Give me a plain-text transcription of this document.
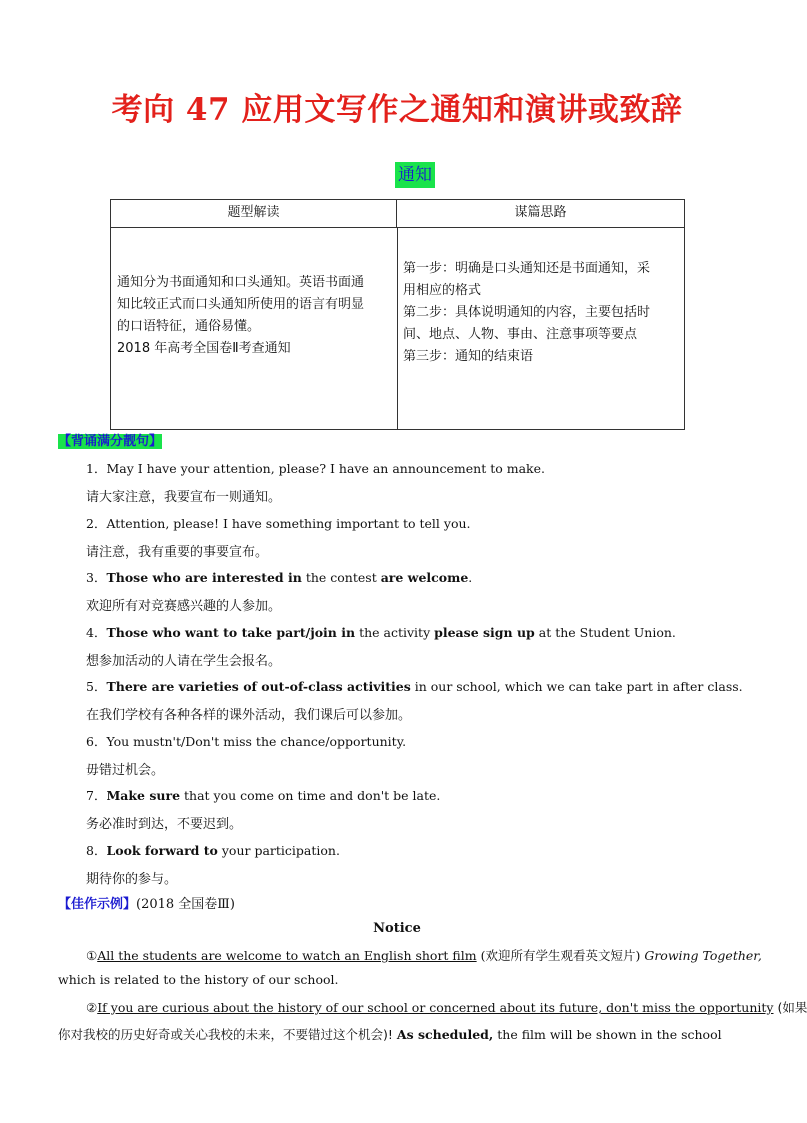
考向 47 应用文写作之通知和演讲或致辞
通知
题型解读	谋篇思路

通知分为书面通知和口头通知。英语书面通

知比较正式而口头通知所使用的语言有明显

的口语特征，通俗易懂。

2018 年高考全国卷Ⅱ考查通知

第一步：明确是口头通知还是书面通知，采

用相应的格式

第二步：具体说明通知的内容，主要包括时

间、地点、人物、事由、注意事项等要点

第三步：通知的结束语

【背诵满分靓句】
1．May I have your attention, please? I have an announcement to make.
请大家注意，我要宣布一则通知。
2．Attention, please! I have something important to tell you.
请注意，我有重要的事要宣布。
3．Those who are interested in the contest are welcome.
欢迎所有对竞赛感兴趣的人参加。
4．Those who want to take part/join in the activity please sign up at the Student Union.
想参加活动的人请在学生会报名。
5．There are varieties of out-of-class activities in our school, which we can take part in after class.
在我们学校有各种各样的课外活动，我们课后可以参加。
6．You mustn't/Don't miss the chance/opportunity.
毋错过机会。
7．Make sure that you come on time and don't be late.
务必准时到达，不要迟到。
8．Look forward to your participation.
期待你的参与。
【佳作示例】(2018 全国卷Ⅲ)
Notice
①All the students are welcome to watch an English short film (欢迎所有学生观看英文短片) Growing Together,
which is related to the history of our school.
②If you are curious about the history of our school or concerned about its future, don't miss the opportunity (如果
你对我校的历史好奇或关心我校的未来，不要错过这个机会)! As scheduled, the film will be shown in the school
